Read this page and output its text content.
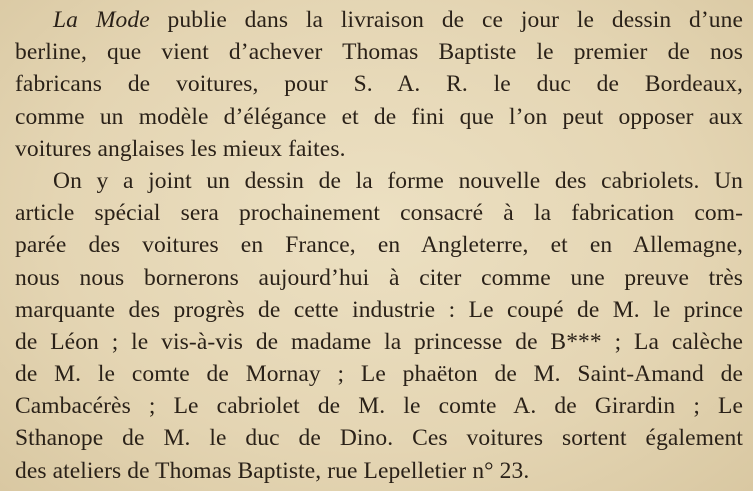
La Mode publie dans la livraison de ce jour le dessin d’une
berline, que vient d’achever Thomas Baptiste le premier de nos
fabricans de voitures, pour S. A. R. le duc de Bordeaux,
comme un modèle d’élégance et de fini que l’on peut opposer aux
voitures anglaises les mieux faites.

On y a joint un dessin de la forme nouvelle des cabriolets. Un
article spécial sera prochainement consacré à la fabrication com-
parée des voitures en France, en Angleterre, et en Allemagne,
nous nous bornerons aujourd’hui à citer comme une preuve très
marquante des progrès de cette industrie : Le coupé de M. le prince
de Léon ; le vis-à-vis de madame la princesse de B*** ; La calèche
de M. le comte de Mornay ; Le phaëton de M. Saint-Amand de
Cambacérès ; Le cabriolet de M. le comte A. de Girardin ; Le
Sthanope de M. le duc de Dino. Ces voitures sortent également
des ateliers de Thomas Baptiste, rue Lepelletier n° 23.
